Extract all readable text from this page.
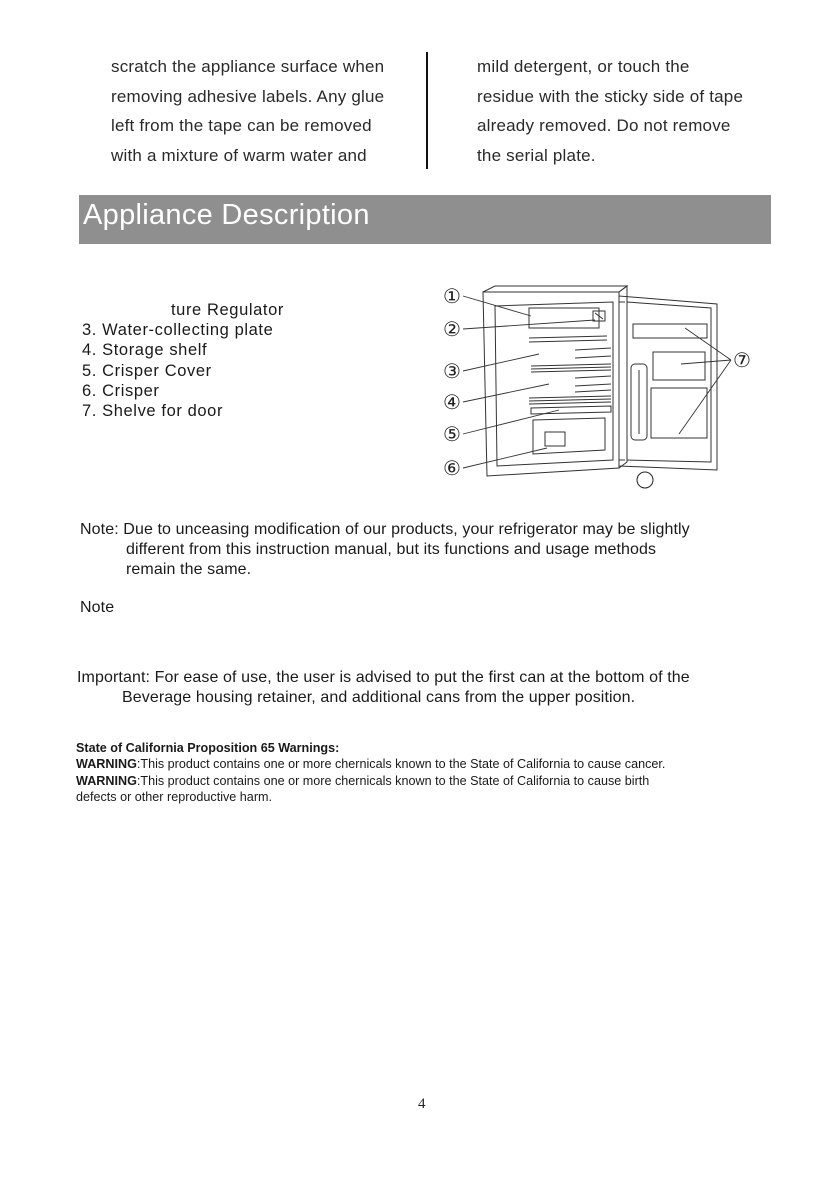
scratch the appliance surface when
removing adhesive labels. Any glue
left from the tape can be removed
with a mixture of warm water and
mild detergent, or touch the
residue with the sticky side of tape
already removed. Do not remove
the serial plate.
Appliance Description
ture Regulator
3. Water-collecting plate
4. Storage shelf
5. Crisper Cover
6. Crisper
7. Shelve for door
①
②
③
④
⑤
⑥
⑦
Note: Due to unceasing modification of our products, your refrigerator may be slightly
different from this instruction manual, but its functions and usage methods
remain the same.
Note
Important: For ease of use, the user is advised to put the first can at the bottom of the
Beverage housing retainer, and additional cans from the upper position.
State of California Proposition 65 Warnings:
WARNING:This product contains one or more chernicals known to the State of California to cause cancer.
WARNING:This product contains one or more chernicals known to the State of California to cause birth
defects or other reproductive harm.
4
